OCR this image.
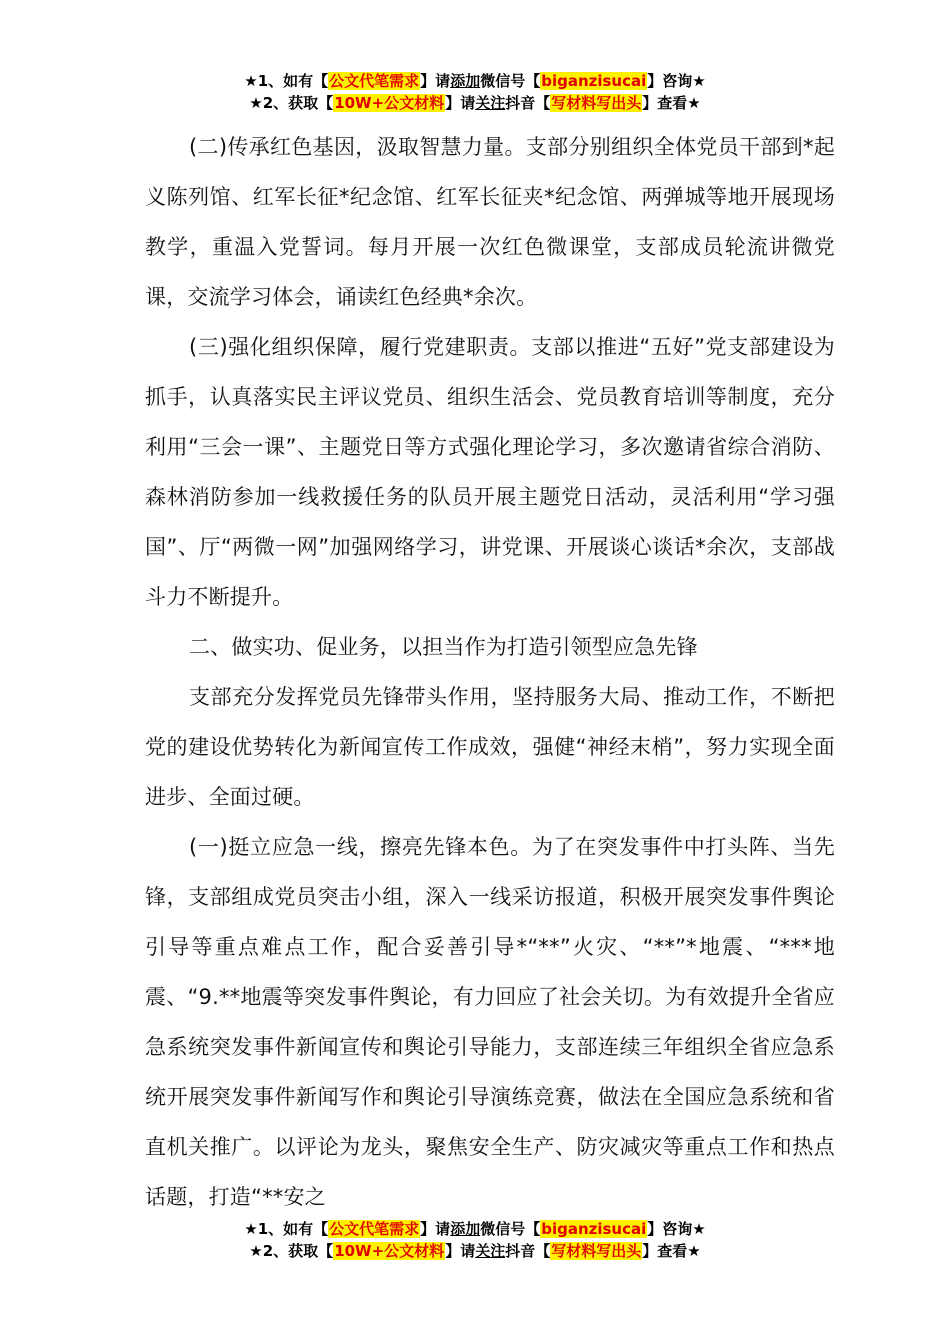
★1、如有【公文代笔需求】请添加微信号【biganzisucai】咨询★
★2、获取【10W+公文材料】请关注抖音【写材料写出头】查看★

(二)传承红色基因，汲取智慧力量。支部分别组织全体党员干部到*起义陈列馆、红军长征*纪念馆、红军长征夹*纪念馆、两弹城等地开展现场教学，重温入党誓词。每月开展一次红色微课堂，支部成员轮流讲微党课，交流学习体会，诵读红色经典*余次。

(三)强化组织保障，履行党建职责。支部以推进“五好”党支部建设为抓手，认真落实民主评议党员、组织生活会、党员教育培训等制度，充分利用“三会一课”、主题党日等方式强化理论学习，多次邀请省综合消防、森林消防参加一线救援任务的队员开展主题党日活动，灵活利用“学习强国”、厅“两微一网”加强网络学习，讲党课、开展谈心谈话*余次，支部战斗力不断提升。

二、做实功、促业务，以担当作为打造引领型应急先锋

支部充分发挥党员先锋带头作用，坚持服务大局、推动工作，不断把党的建设优势转化为新闻宣传工作成效，强健“神经末梢”，努力实现全面进步、全面过硬。

(一)挺立应急一线，擦亮先锋本色。为了在突发事件中打头阵、当先锋，支部组成党员突击小组，深入一线采访报道，积极开展突发事件舆论引导等重点难点工作，配合妥善引导*“**”火灾、“**”*地震、“***地震、“9.**地震等突发事件舆论，有力回应了社会关切。为有效提升全省应急系统突发事件新闻宣传和舆论引导能力，支部连续三年组织全省应急系统开展突发事件新闻写作和舆论引导演练竞赛，做法在全国应急系统和省直机关推广。以评论为龙头，聚焦安全生产、防灾减灾等重点工作和热点话题，打造“**安之

★1、如有【公文代笔需求】请添加微信号【biganzisucai】咨询★
★2、获取【10W+公文材料】请关注抖音【写材料写出头】查看★
